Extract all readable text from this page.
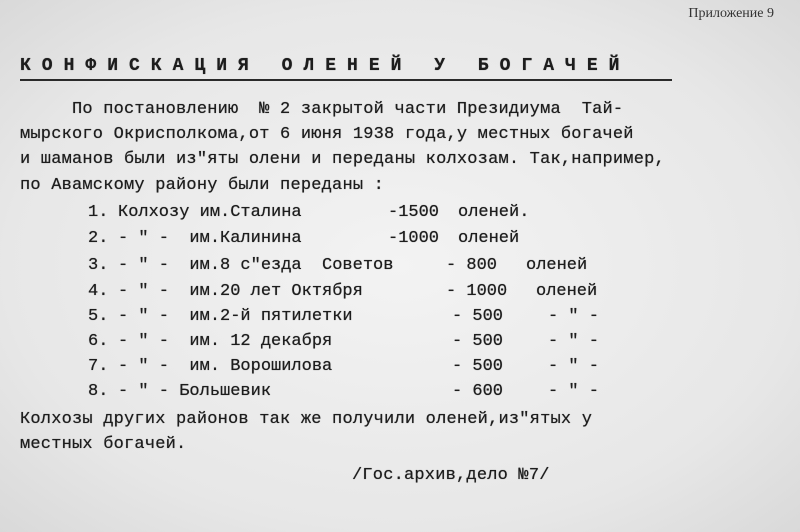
Приложение 9
КОНФИСКАЦИЯ ОЛЕНЕЙ У БОГАЧЕЙ
По постановлению  № 2 закрытой части Президиума  Тай-
мырского Окрисполкома,от 6 июня 1938 года,у местных богачей
и шаманов были из"яты олени и переданы колхозам. Так,например,
по Авамскому району были переданы :
1. Колхозу им.Сталина	-1500 оленей.
2. - " -  им.Калинина	-1000 оленей
3. - " -  им.8 с"езда  Советов	- 800 оленей
4. - " -  им.20 лет Октября	- 1000 оленей
5. - " -  им.2-й пятилетки	- 500	- " -
6. - " -  им. 12 декабря	- 500	- " -
7. - " -  им. Ворошилова	- 500	- " -
8. - " - Большевик	- 600	- " -
Колхозы других районов так же получили оленей,из"ятых у
местных богачей.
/Гос.архив,дело №7/
